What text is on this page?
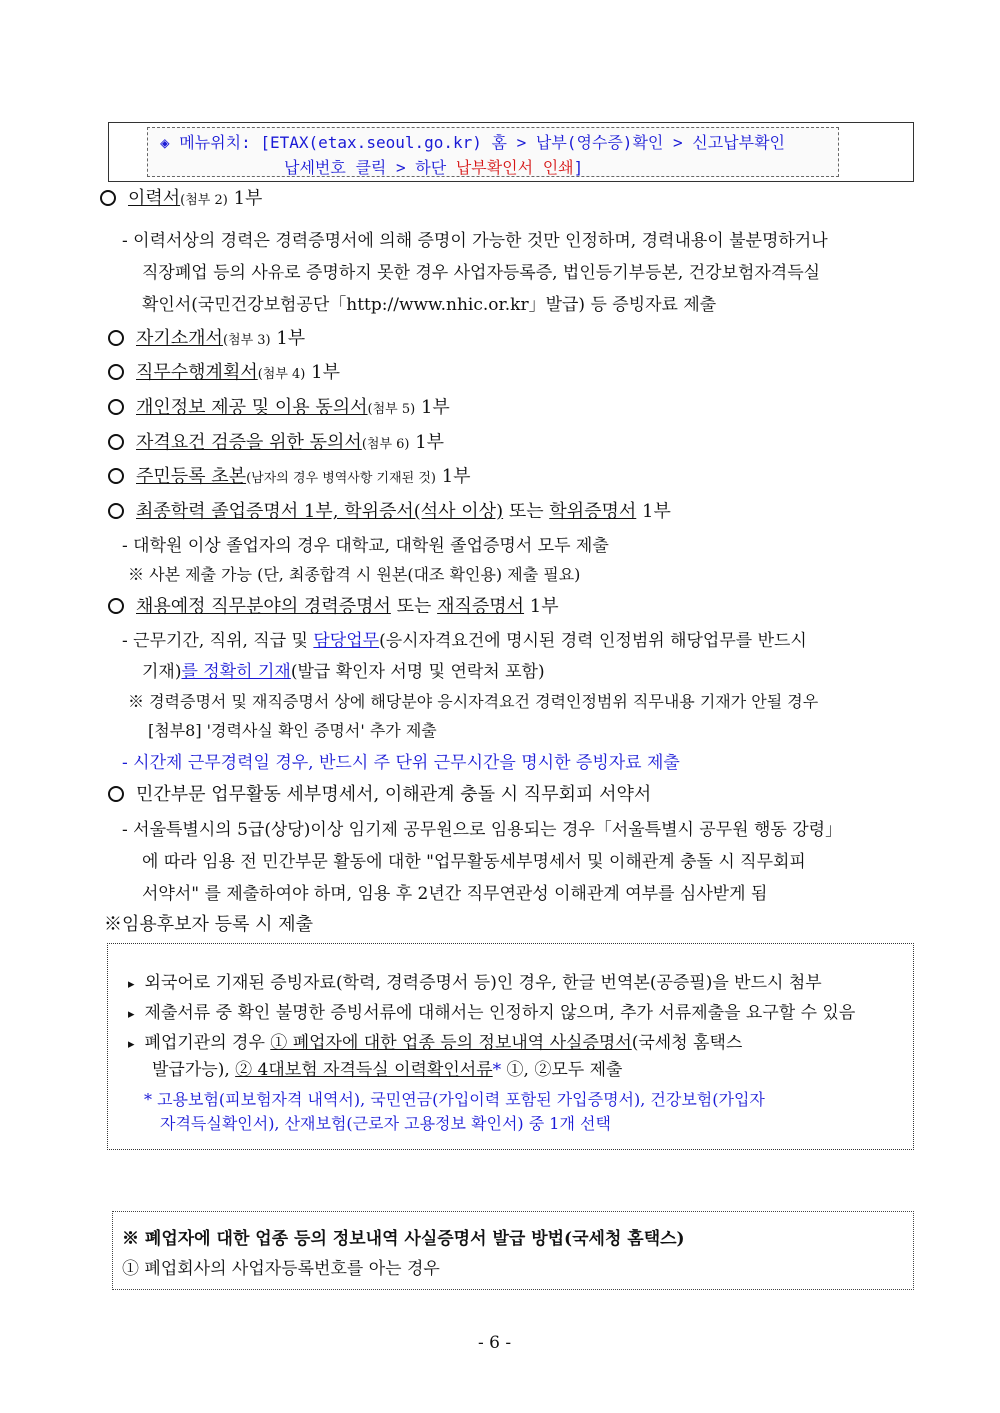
◈ 메뉴위치: [ETAX(etax.seoul.go.kr) 홈 > 납부(영수증)확인 > 신고납부확인
납세번호 클릭 > 하단 납부확인서 인쇄]
이력서(첨부 2) 1부
- 이력서상의 경력은 경력증명서에 의해 증명이 가능한 것만 인정하며, 경력내용이 불분명하거나
직장폐업 등의 사유로 증명하지 못한 경우 사업자등록증, 법인등기부등본, 건강보험자격득실
확인서(국민건강보험공단「http://www.nhic.or.kr」발급) 등 증빙자료 제출
자기소개서(첨부 3) 1부
직무수행계획서(첨부 4) 1부
개인정보 제공 및 이용 동의서(첨부 5) 1부
자격요건 검증을 위한 동의서(첨부 6) 1부
주민등록 초본(남자의 경우 병역사항 기재된 것) 1부
최종학력 졸업증명서 1부, 학위증서(석사 이상) 또는 학위증명서 1부
- 대학원 이상 졸업자의 경우 대학교, 대학원 졸업증명서 모두 제출
※ 사본 제출 가능 (단, 최종합격 시 원본(대조 확인용) 제출 필요)
채용예정 직무분야의 경력증명서 또는 재직증명서 1부
- 근무기간, 직위, 직급 및 담당업무(응시자격요건에 명시된 경력 인정범위 해당업무를 반드시
기재)를 정확히 기재(발급 확인자 서명 및 연락처 포함)
※ 경력증명서 및 재직증명서 상에 해당분야 응시자격요건 경력인정범위 직무내용 기재가 안될 경우
[첨부8] '경력사실 확인 증명서' 추가 제출
- 시간제 근무경력일 경우, 반드시 주 단위 근무시간을 명시한 증빙자료 제출
민간부문 업무활동 세부명세서, 이해관계 충돌 시 직무회피 서약서
- 서울특별시의 5급(상당)이상 임기제 공무원으로 임용되는 경우「서울특별시 공무원 행동 강령」
에 따라 임용 전 민간부문 활동에 대한 "업무활동세부명세서 및 이해관계 충돌 시 직무회피
서약서" 를 제출하여야 하며, 임용 후 2년간 직무연관성 이해관계 여부를 심사받게 됨
※임용후보자 등록 시 제출
▸ 외국어로 기재된 증빙자료(학력, 경력증명서 등)인 경우, 한글 번역본(공증필)을 반드시 첨부
▸ 제출서류 중 확인 불명한 증빙서류에 대해서는 인정하지 않으며, 추가 서류제출을 요구할 수 있음
▸ 폐업기관의 경우 ① 폐업자에 대한 업종 등의 정보내역 사실증명서(국세청 홈택스
발급가능), ② 4대보험 자격득실 이력확인서류* ①, ②모두 제출
* 고용보험(피보험자격 내역서), 국민연금(가입이력 포함된 가입증명서), 건강보험(가입자
자격득실확인서), 산재보험(근로자 고용정보 확인서) 중 1개 선택
※ 폐업자에 대한 업종 등의 정보내역 사실증명서 발급 방법(국세청 홈택스)
① 폐업회사의 사업자등록번호를 아는 경우
- 6 -
